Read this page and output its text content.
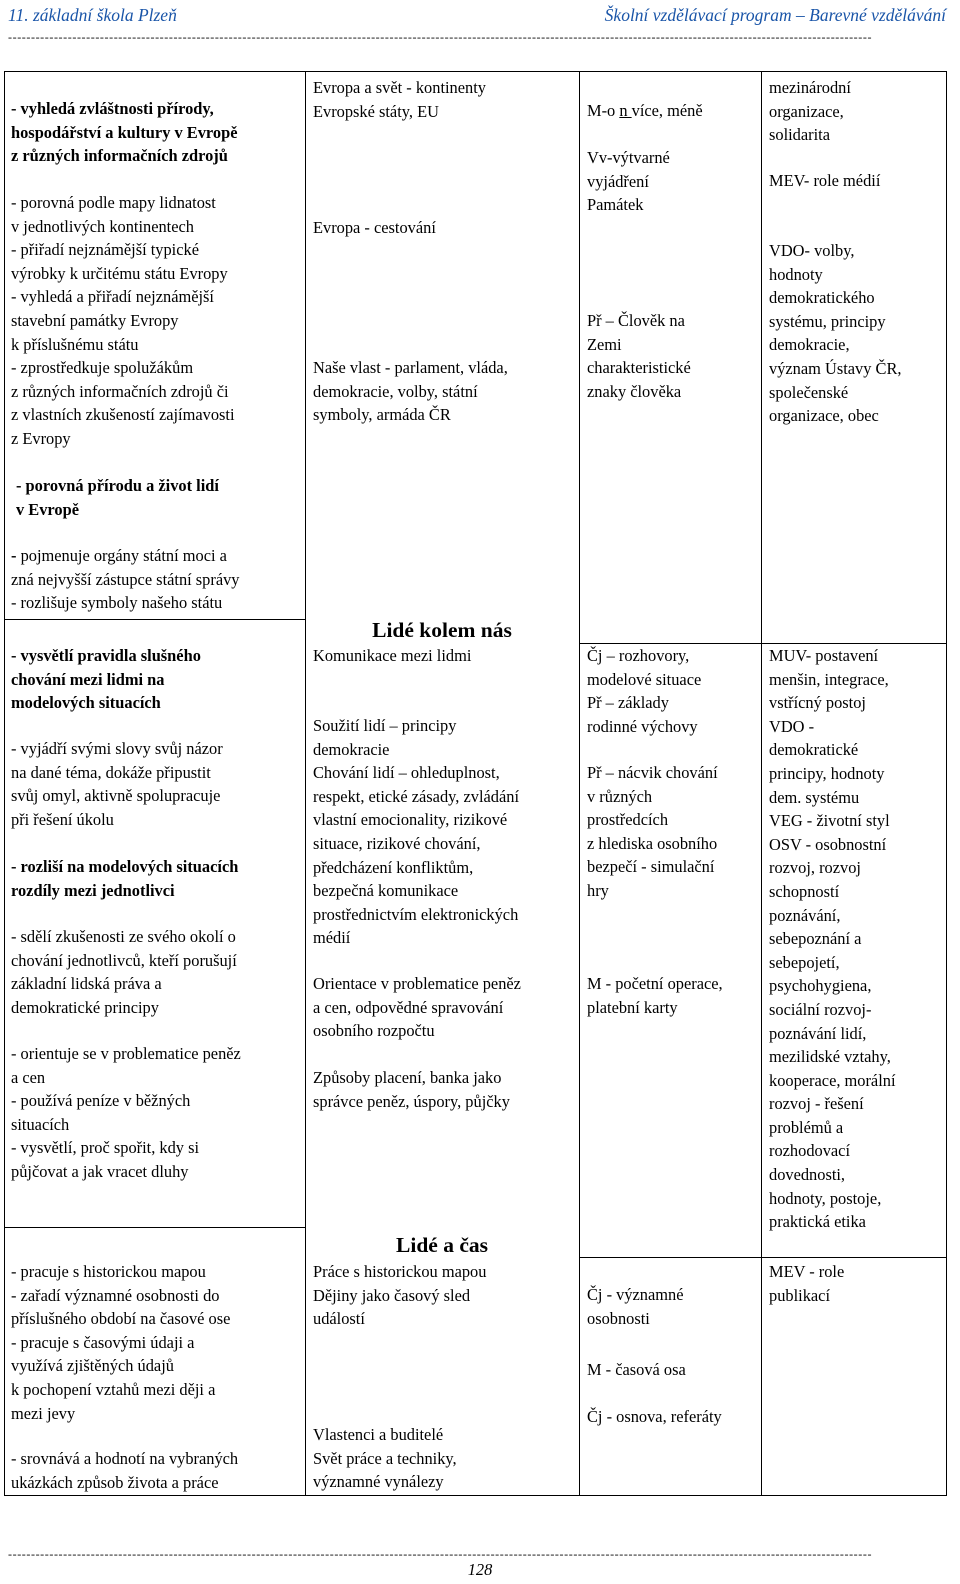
11. základní škola Plzeň	Školní vzdělávací program – Barevné vzdělávání
--------------------------------------------------------------------------------------------------------------------------------------------------------------------------------------------
- vyhledá zvláštnosti přírody,
hospodářství a kultury v Evropě
z různých informačních zdrojů
- porovná podle mapy lidnatost
v jednotlivých kontinentech
- přiřadí nejznámější typické
výrobky k určitému státu Evropy
- vyhledá a přiřadí nejznámější
stavební památky Evropy
k příslušnému státu
- zprostředkuje spolužákům
z různých informačních zdrojů či
z vlastních zkušeností zajímavosti
z Evropy
- porovná přírodu a život lidí
v Evropě
- pojmenuje orgány státní moci a
zná nejvyšší zástupce státní správy
- rozlišuje symboly našeho státu
Evropa a svět - kontinenty
Evropské státy, EU
Evropa - cestování
Naše vlast - parlament, vláda,
demokracie, volby, státní
symboly, armáda ČR
M-o n více, méně
Vv-výtvarné
vyjádření
Památek
Př – Člověk na
Zemi
charakteristické
znaky člověka
mezinárodní
organizace,
solidarita
MEV- role médií
VDO- volby,
hodnoty
demokratického
systému, principy
demokracie,
význam Ústavy ČR,
společenské
organizace, obec
Lidé kolem nás
- vysvětlí pravidla slušného
chování mezi lidmi na
modelových situacích
- vyjádří svými slovy svůj názor
na dané téma, dokáže připustit
svůj omyl, aktivně spolupracuje
při řešení úkolu
- rozliší na modelových situacích
rozdíly mezi jednotlivci
- sdělí zkušenosti ze svého okolí o
chování jednotlivců, kteří porušují
základní lidská práva a
demokratické principy
- orientuje se v problematice peněz
a cen
- používá peníze v běžných
situacích
- vysvětlí, proč spořit, kdy si
půjčovat a jak vracet dluhy
Komunikace mezi lidmi
Soužití lidí – principy
demokracie
Chování lidí – ohleduplnost,
respekt, etické zásady, zvládání
vlastní emocionality, rizikové
situace, rizikové chování,
předcházení konfliktům,
bezpečná komunikace
prostřednictvím elektronických
médií
Orientace v problematice peněz
a cen, odpovědné spravování
osobního rozpočtu
Způsoby placení, banka jako
správce peněz, úspory, půjčky
Čj – rozhovory,
modelové situace
Př – základy
rodinné výchovy
Př – nácvik chování
v různých
prostředcích
z hlediska osobního
bezpečí - simulační
hry
M - početní operace,
platební karty
MUV- postavení
menšin, integrace,
vstřícný postoj
VDO -
demokratické
principy, hodnoty
dem. systému
VEG - životní styl
OSV - osobnostní
rozvoj, rozvoj
schopností
poznávání,
sebepoznání a
sebepojetí,
psychohygiena,
sociální rozvoj-
poznávání lidí,
mezilidské vztahy,
kooperace, morální
rozvoj - řešení
problémů a
rozhodovací
dovednosti,
hodnoty, postoje,
praktická etika
Lidé a čas
- pracuje s historickou mapou
- zařadí významné osobnosti do
příslušného období na časové ose
- pracuje s časovými údaji a
využívá zjištěných údajů
k pochopení vztahů mezi ději a
mezi jevy
- srovnává a hodnotí na vybraných
ukázkách způsob života a práce
Práce s historickou mapou
Dějiny jako časový sled
událostí
Vlastenci a buditelé
Svět práce a techniky,
významné vynálezy
Čj - významné
osobnosti
M - časová osa
Čj - osnova, referáty
MEV - role
publikací
--------------------------------------------------------------------------------------------------------------------------------------------------------------------------------------------
128
